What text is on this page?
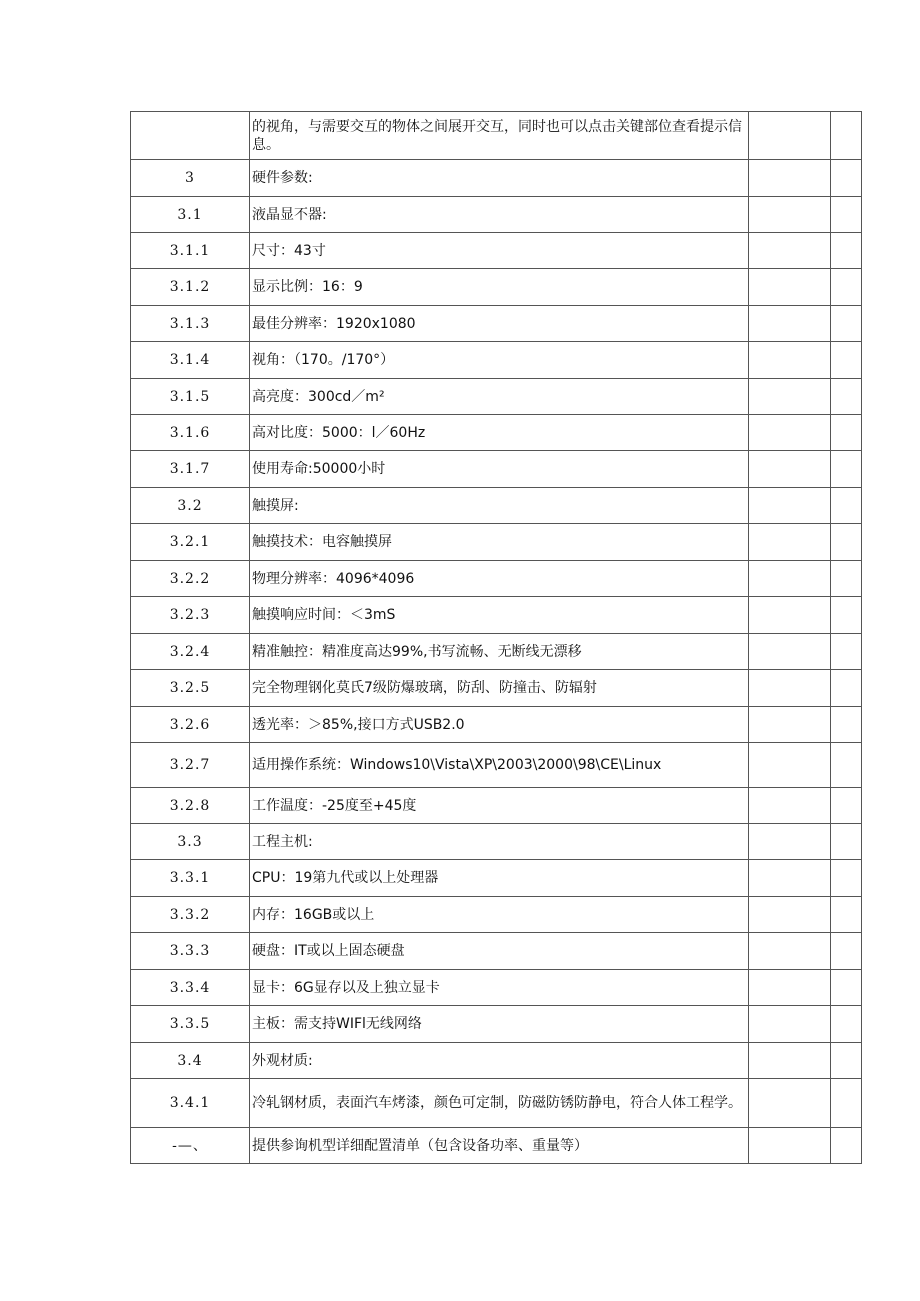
	的视角，与需要交互的物体之间展开交互，同时也可以点击关键部位查看提示信息。		
3	硬件参数:		
3.1	液晶显不器:		
3.1.1	尺寸：43寸		
3.1.2	显示比例：16：9		
3.1.3	最佳分辨率：1920x1080		
3.1.4	视角：（170。/170°）		
3.1.5	高亮度：300cd／m²		
3.1.6	高对比度：5000：l／60Hz		
3.1.7	使用寿命:50000小时		
3.2	触摸屏:		
3.2.1	触摸技术：电容触摸屏		
3.2.2	物理分辨率：4096*4096		
3.2.3	触摸响应时间：＜3mS		
3.2.4	精准触控：精准度高达99%,书写流畅、无断线无漂移		
3.2.5	完全物理钢化莫氏7级防爆玻璃，防刮、防撞击、防辐射		
3.2.6	透光率：＞85%,接口方式USB2.0		
3.2.7	适用操作系统：Windows10\Vista\XP\2003\2000\98\CE\Linux		
3.2.8	工作温度：-25度至+45度		
3.3	工程主机:		
3.3.1	CPU：19第九代或以上处理器		
3.3.2	内存：16GB或以上		
3.3.3	硬盘：IT或以上固态硬盘		
3.3.4	显卡：6G显存以及上独立显卡		
3.3.5	主板：需支持WIFl无线网络		
3.4	外观材质:		
3.4.1	冷轧钢材质，表面汽车烤漆，颜色可定制，防磁防锈防静电，符合人体工程学。		
-—、	提供参询机型详细配置清单（包含设备功率、重量等）		
